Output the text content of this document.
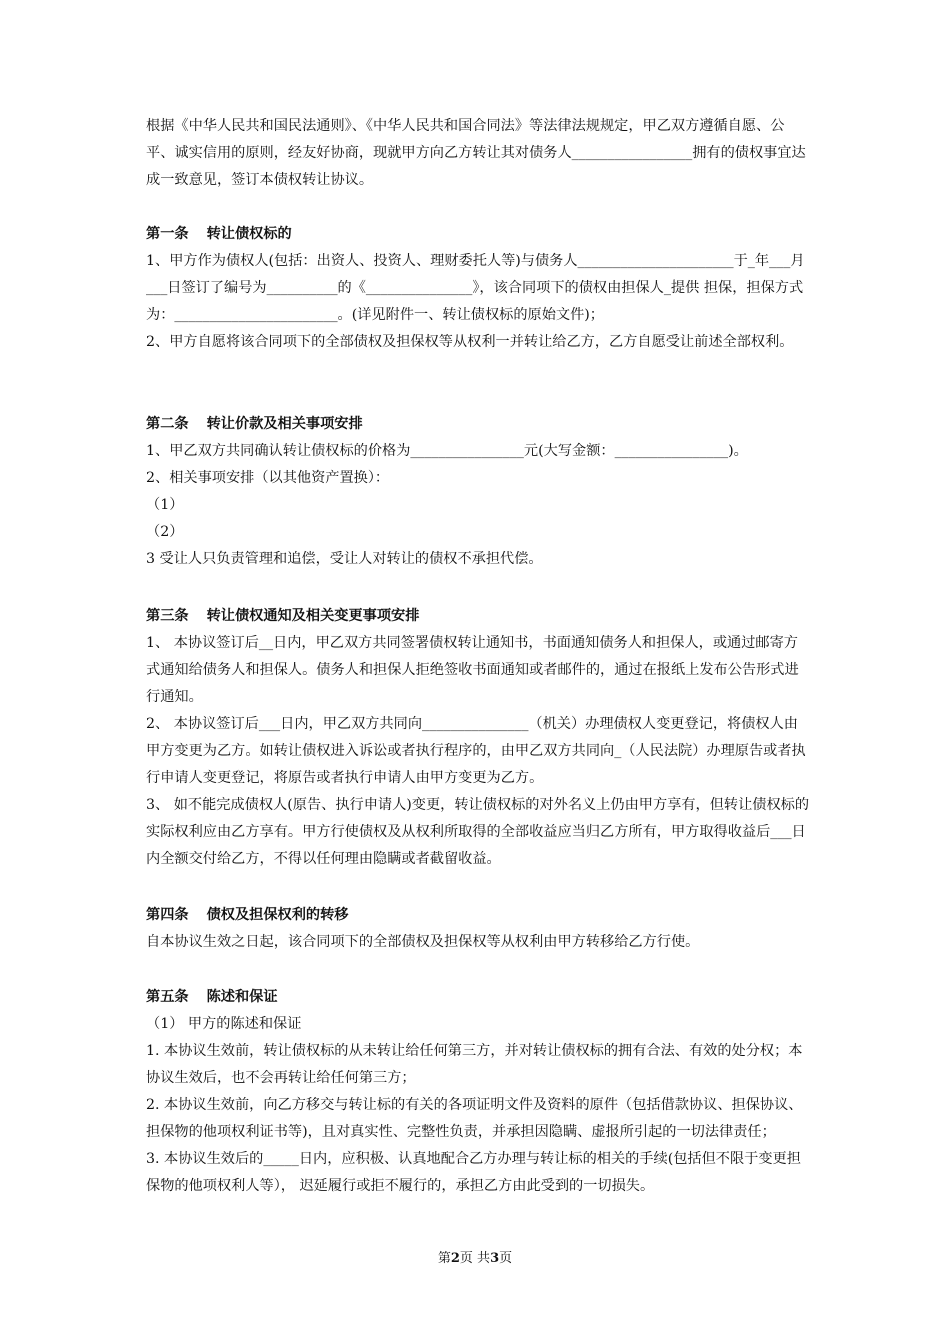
根据《中华人民共和国民法通则》、《中华人民共和国合同法》等法律法规规定，甲乙双方遵循自愿、公平、诚实信用的原则，经友好协商，现就甲方向乙方转让其对债务人_________________拥有的债权事宜达成一致意见，签订本债权转让协议。

第一条 转让债权标的

1、甲方作为债权人(包括：出资人、投资人、理财委托人等)与债务人______________________于_年___月___日签订了编号为__________的《_______________》，该合同项下的债权由担保人_提供 担保，担保方式为：_______________________。(详见附件一、转让债权标的原始文件)；

2、甲方自愿将该合同项下的全部债权及担保权等从权利一并转让给乙方，乙方自愿受让前述全部权利。

第二条 转让价款及相关事项安排

1、甲乙双方共同确认转让债权标的价格为________________元(大写金额：________________)。

2、相关事项安排（以其他资产置换）：

（1）

（2）

3 受让人只负责管理和追偿，受让人对转让的债权不承担代偿。

第三条 转让债权通知及相关变更事项安排

1、 本协议签订后__日内，甲乙双方共同签署债权转让通知书，书面通知债务人和担保人，或通过邮寄方式通知给债务人和担保人。债务人和担保人拒绝签收书面通知或者邮件的，通过在报纸上发布公告形式进行通知。

2、 本协议签订后___日内，甲乙双方共同向_______________（机关）办理债权人变更登记，将债权人由甲方变更为乙方。如转让债权进入诉讼或者执行程序的，由甲乙双方共同向_（人民法院）办理原告或者执行申请人变更登记，将原告或者执行申请人由甲方变更为乙方。

3、 如不能完成债权人(原告、执行申请人)变更，转让债权标的对外名义上仍由甲方享有，但转让债权标的实际权利应由乙方享有。甲方行使债权及从权利所取得的全部收益应当归乙方所有，甲方取得收益后___日内全额交付给乙方，不得以任何理由隐瞒或者截留收益。

第四条 债权及担保权利的转移

自本协议生效之日起，该合同项下的全部债权及担保权等从权利由甲方转移给乙方行使。

第五条 陈述和保证

（1） 甲方的陈述和保证

1. 本协议生效前，转让债权标的从未转让给任何第三方，并对转让债权标的拥有合法、有效的处分权；本协议生效后，也不会再转让给任何第三方；

2. 本协议生效前，向乙方移交与转让标的有关的各项证明文件及资料的原件（包括借款协议、担保协议、担保物的他项权利证书等)，且对真实性、完整性负责，并承担因隐瞒、虚报所引起的一切法律责任；

3. 本协议生效后的_____日内，应积极、认真地配合乙方办理与转让标的相关的手续(包括但不限于变更担保物的他项权利人等）， 迟延履行或拒不履行的，承担乙方由此受到的一切损失。

第2页 共3页
